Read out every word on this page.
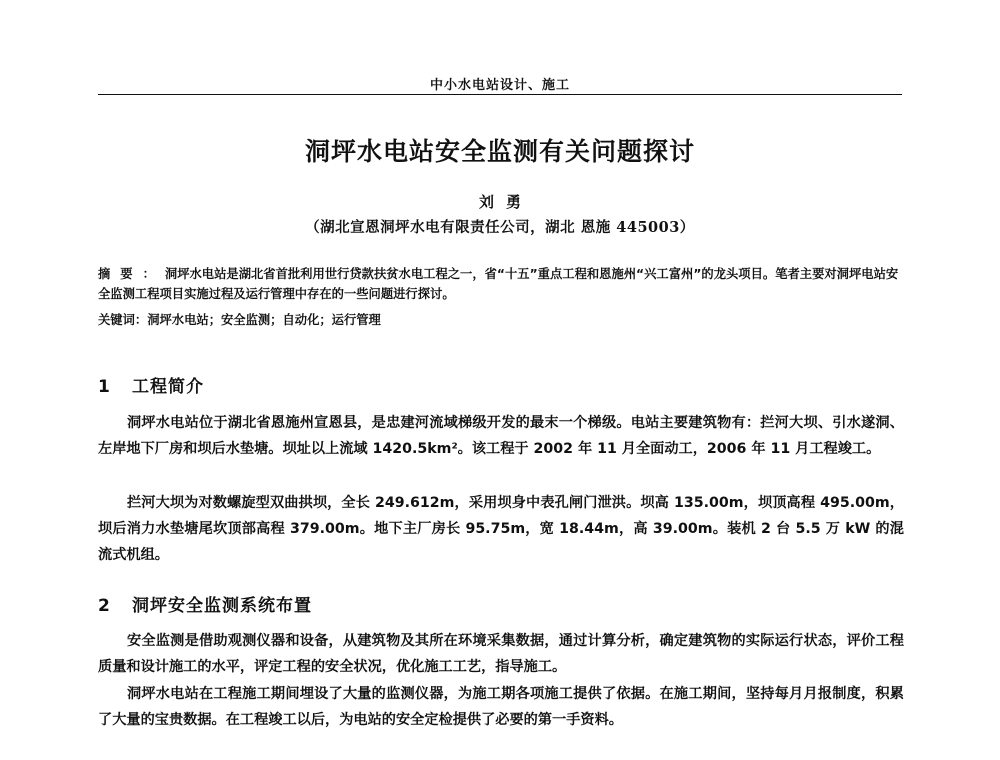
中小水电站设计、施工
洞坪水电站安全监测有关问题探讨
刘勇
（湖北宣恩洞坪水电有限责任公司，湖北 恩施 445003）
摘要：洞坪水电站是湖北省首批利用世行贷款扶贫水电工程之一，省“十五”重点工程和恩施州“兴工富州”的龙头项目。笔者主要对洞坪电站安全监测工程项目实施过程及运行管理中存在的一些问题进行探讨。
关键词：洞坪水电站；安全监测；自动化；运行管理
1 工程简介
洞坪水电站位于湖北省恩施州宣恩县，是忠建河流域梯级开发的最末一个梯级。电站主要建筑物有：拦河大坝、引水遂洞、左岸地下厂房和坝后水垫塘。坝址以上流域 1420.5km²。该工程于 2002 年 11 月全面动工，2006 年 11 月工程竣工。
拦河大坝为对数螺旋型双曲拱坝，全长 249.612m，采用坝身中表孔闸门泄洪。坝高 135.00m，坝顶高程 495.00m，坝后消力水垫塘尾坎顶部高程 379.00m。地下主厂房长 95.75m，宽 18.44m，高 39.00m。装机 2 台 5.5 万 kW 的混流式机组。
2 洞坪安全监测系统布置
安全监测是借助观测仪器和设备，从建筑物及其所在环境采集数据，通过计算分析，确定建筑物的实际运行状态，评价工程质量和设计施工的水平，评定工程的安全状况，优化施工工艺，指导施工。
洞坪水电站在工程施工期间埋设了大量的监测仪器，为施工期各项施工提供了依据。在施工期间，坚持每月月报制度，积累了大量的宝贵数据。在工程竣工以后，为电站的安全定检提供了必要的第一手资料。
